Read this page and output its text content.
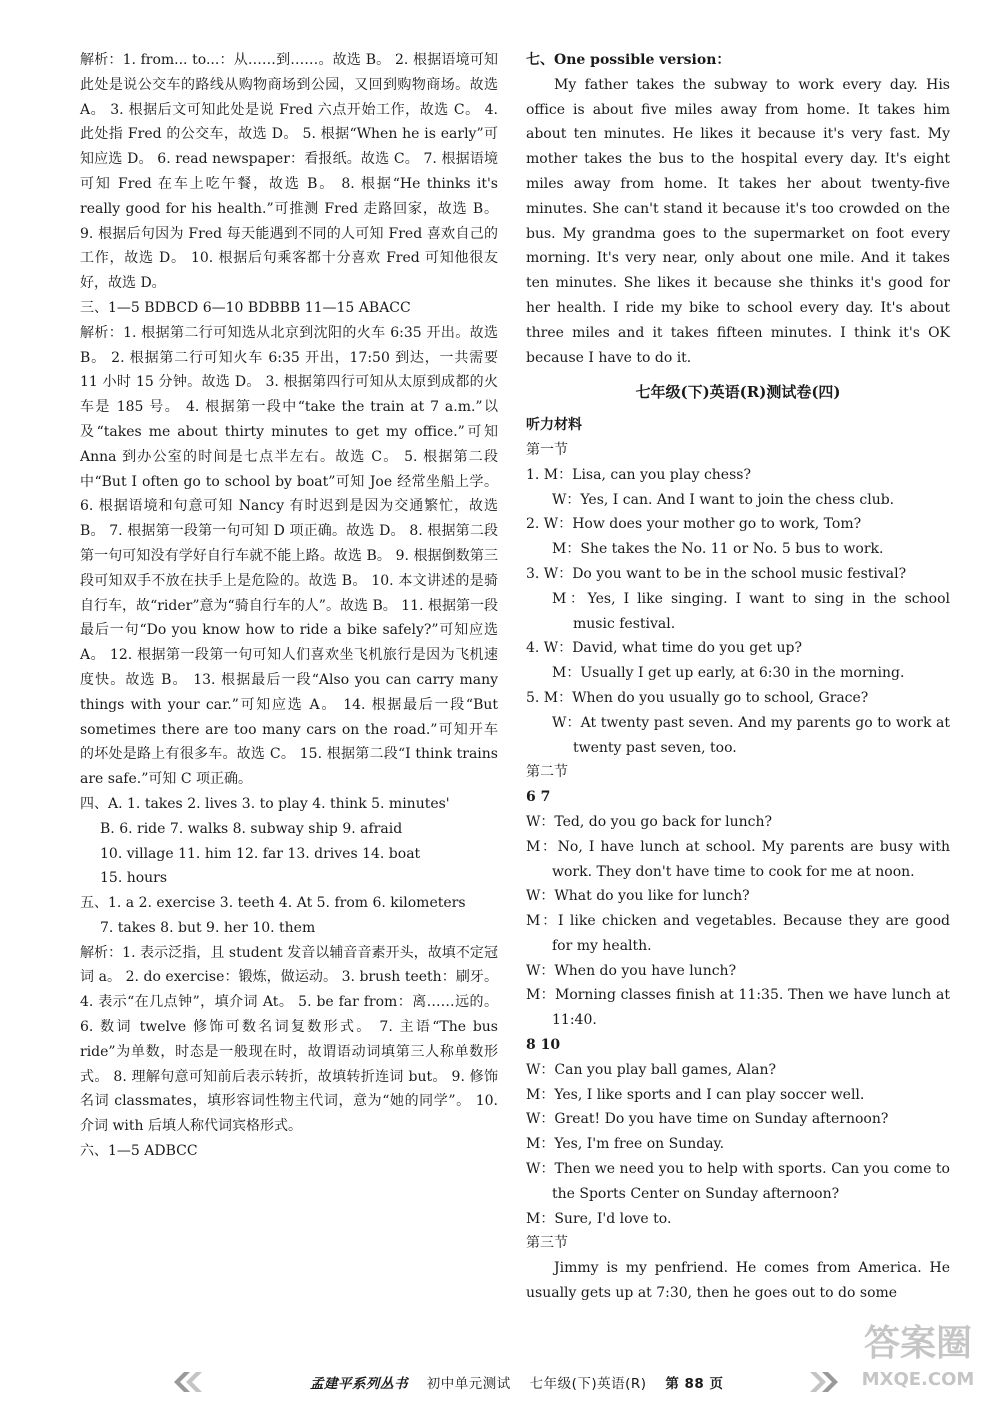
解析：1. from... to...：从……到……。故选 B。 2. 根据语境可知此处是说公交车的路线从购物商场到公园，又回到购物商场。故选 A。 3. 根据后文可知此处是说 Fred 六点开始工作，故选 C。 4. 此处指 Fred 的公交车，故选 D。 5. 根据“When he is early”可知应选 D。 6. read newspaper：看报纸。故选 C。 7. 根据语境可知 Fred 在车上吃午餐，故选 B。 8. 根据“He thinks it's really good for his health.”可推测 Fred 走路回家，故选 B。 9. 根据后句因为 Fred 每天能遇到不同的人可知 Fred 喜欢自己的工作，故选 D。 10. 根据后句乘客都十分喜欢 Fred 可知他很友好，故选 D。

三、1—5 BDBCD 6—10 BDBBB 11—15 ABACC

解析：1. 根据第二行可知选从北京到沈阳的火车 6:35 开出。故选 B。 2. 根据第二行可知火车 6:35 开出，17:50 到达，一共需要 11 小时 15 分钟。故选 D。 3. 根据第四行可知从太原到成都的火车是 185 号。 4. 根据第一段中“take the train at 7 a.m.”以及“takes me about thirty minutes to get my office.”可知 Anna 到办公室的时间是七点半左右。故选 C。 5. 根据第二段中“But I often go to school by boat”可知 Joe 经常坐船上学。 6. 根据语境和句意可知 Nancy 有时迟到是因为交通繁忙，故选 B。 7. 根据第一段第一句可知 D 项正确。故选 D。 8. 根据第二段第一句可知没有学好自行车就不能上路。故选 B。 9. 根据倒数第三段可知双手不放在扶手上是危险的。故选 B。 10. 本文讲述的是骑自行车，故“rider”意为“骑自行车的人”。故选 B。 11. 根据第一段最后一句“Do you know how to ride a bike safely?”可知应选 A。 12. 根据第一段第一句可知人们喜欢坐飞机旅行是因为飞机速度快。故选 B。 13. 根据最后一段“Also you can carry many things with your car.”可知应选 A。 14. 根据最后一段“But sometimes there are too many cars on the road.”可知开车的坏处是路上有很多车。故选 C。 15. 根据第二段“I think trains are safe.”可知 C 项正确。

四、A. 1. takes 2. lives 3. to play 4. think 5. minutes'

B. 6. ride 7. walks 8. subway ship 9. afraid

10. village 11. him 12. far 13. drives 14. boat

15. hours

五、1. a 2. exercise 3. teeth 4. At 5. from 6. kilometers

7. takes 8. but 9. her 10. them

解析：1. 表示泛指，且 student 发音以辅音音素开头，故填不定冠词 a。 2. do exercise：锻炼，做运动。 3. brush teeth：刷牙。 4. 表示“在几点钟”，填介词 At。 5. be far from：离……远的。 6. 数词 twelve 修饰可数名词复数形式。 7. 主语“The bus ride”为单数，时态是一般现在时，故谓语动词填第三人称单数形式。 8. 理解句意可知前后表示转折，故填转折连词 but。 9. 修饰名词 classmates，填形容词性物主代词，意为“她的同学”。 10. 介词 with 后填人称代词宾格形式。

六、1—5 ADBCC

七、One possible version：

My father takes the subway to work every day. His office is about five miles away from home. It takes him about ten minutes. He likes it because it's very fast. My mother takes the bus to the hospital every day. It's eight miles away from home. It takes her about twenty-five minutes. She can't stand it because it's too crowded on the bus. My grandma goes to the supermarket on foot every morning. It's very near, only about one mile. And it takes ten minutes. She likes it because she thinks it's good for her health. I ride my bike to school every day. It's about three miles and it takes fifteen minutes. I think it's OK because I have to do it.

七年级(下)英语(R)测试卷(四)

听力材料

第一节

1. M：Lisa, can you play chess?

W：Yes, I can. And I want to join the chess club.

2. W：How does your mother go to work, Tom?

M：She takes the No. 11 or No. 5 bus to work.

3. W：Do you want to be in the school music festival?

M：Yes, I like singing. I want to sing in the school music festival.

4. W：David, what time do you get up?

M：Usually I get up early, at 6:30 in the morning.

5. M：When do you usually go to school, Grace?

W：At twenty past seven. And my parents go to work at twenty past seven, too.

第二节

6 7

W：Ted, do you go back for lunch?

M：No, I have lunch at school. My parents are busy with work. They don't have time to cook for me at noon.

W：What do you like for lunch?

M：I like chicken and vegetables. Because they are good for my health.

W：When do you have lunch?

M：Morning classes finish at 11:35. Then we have lunch at 11:40.

8 10

W：Can you play ball games, Alan?

M：Yes, I like sports and I can play soccer well.

W：Great! Do you have time on Sunday afternoon?

M：Yes, I'm free on Sunday.

W：Then we need you to help with sports. Can you come to the Sports Center on Sunday afternoon?

M：Sure, I'd love to.

第三节

Jimmy is my penfriend. He comes from America. He usually gets up at 7:30, then he goes out to do some

孟建平系列丛书 初中单元测试 七年级(下)英语(R) 第 88 页
答案圈
MXQE.COM
